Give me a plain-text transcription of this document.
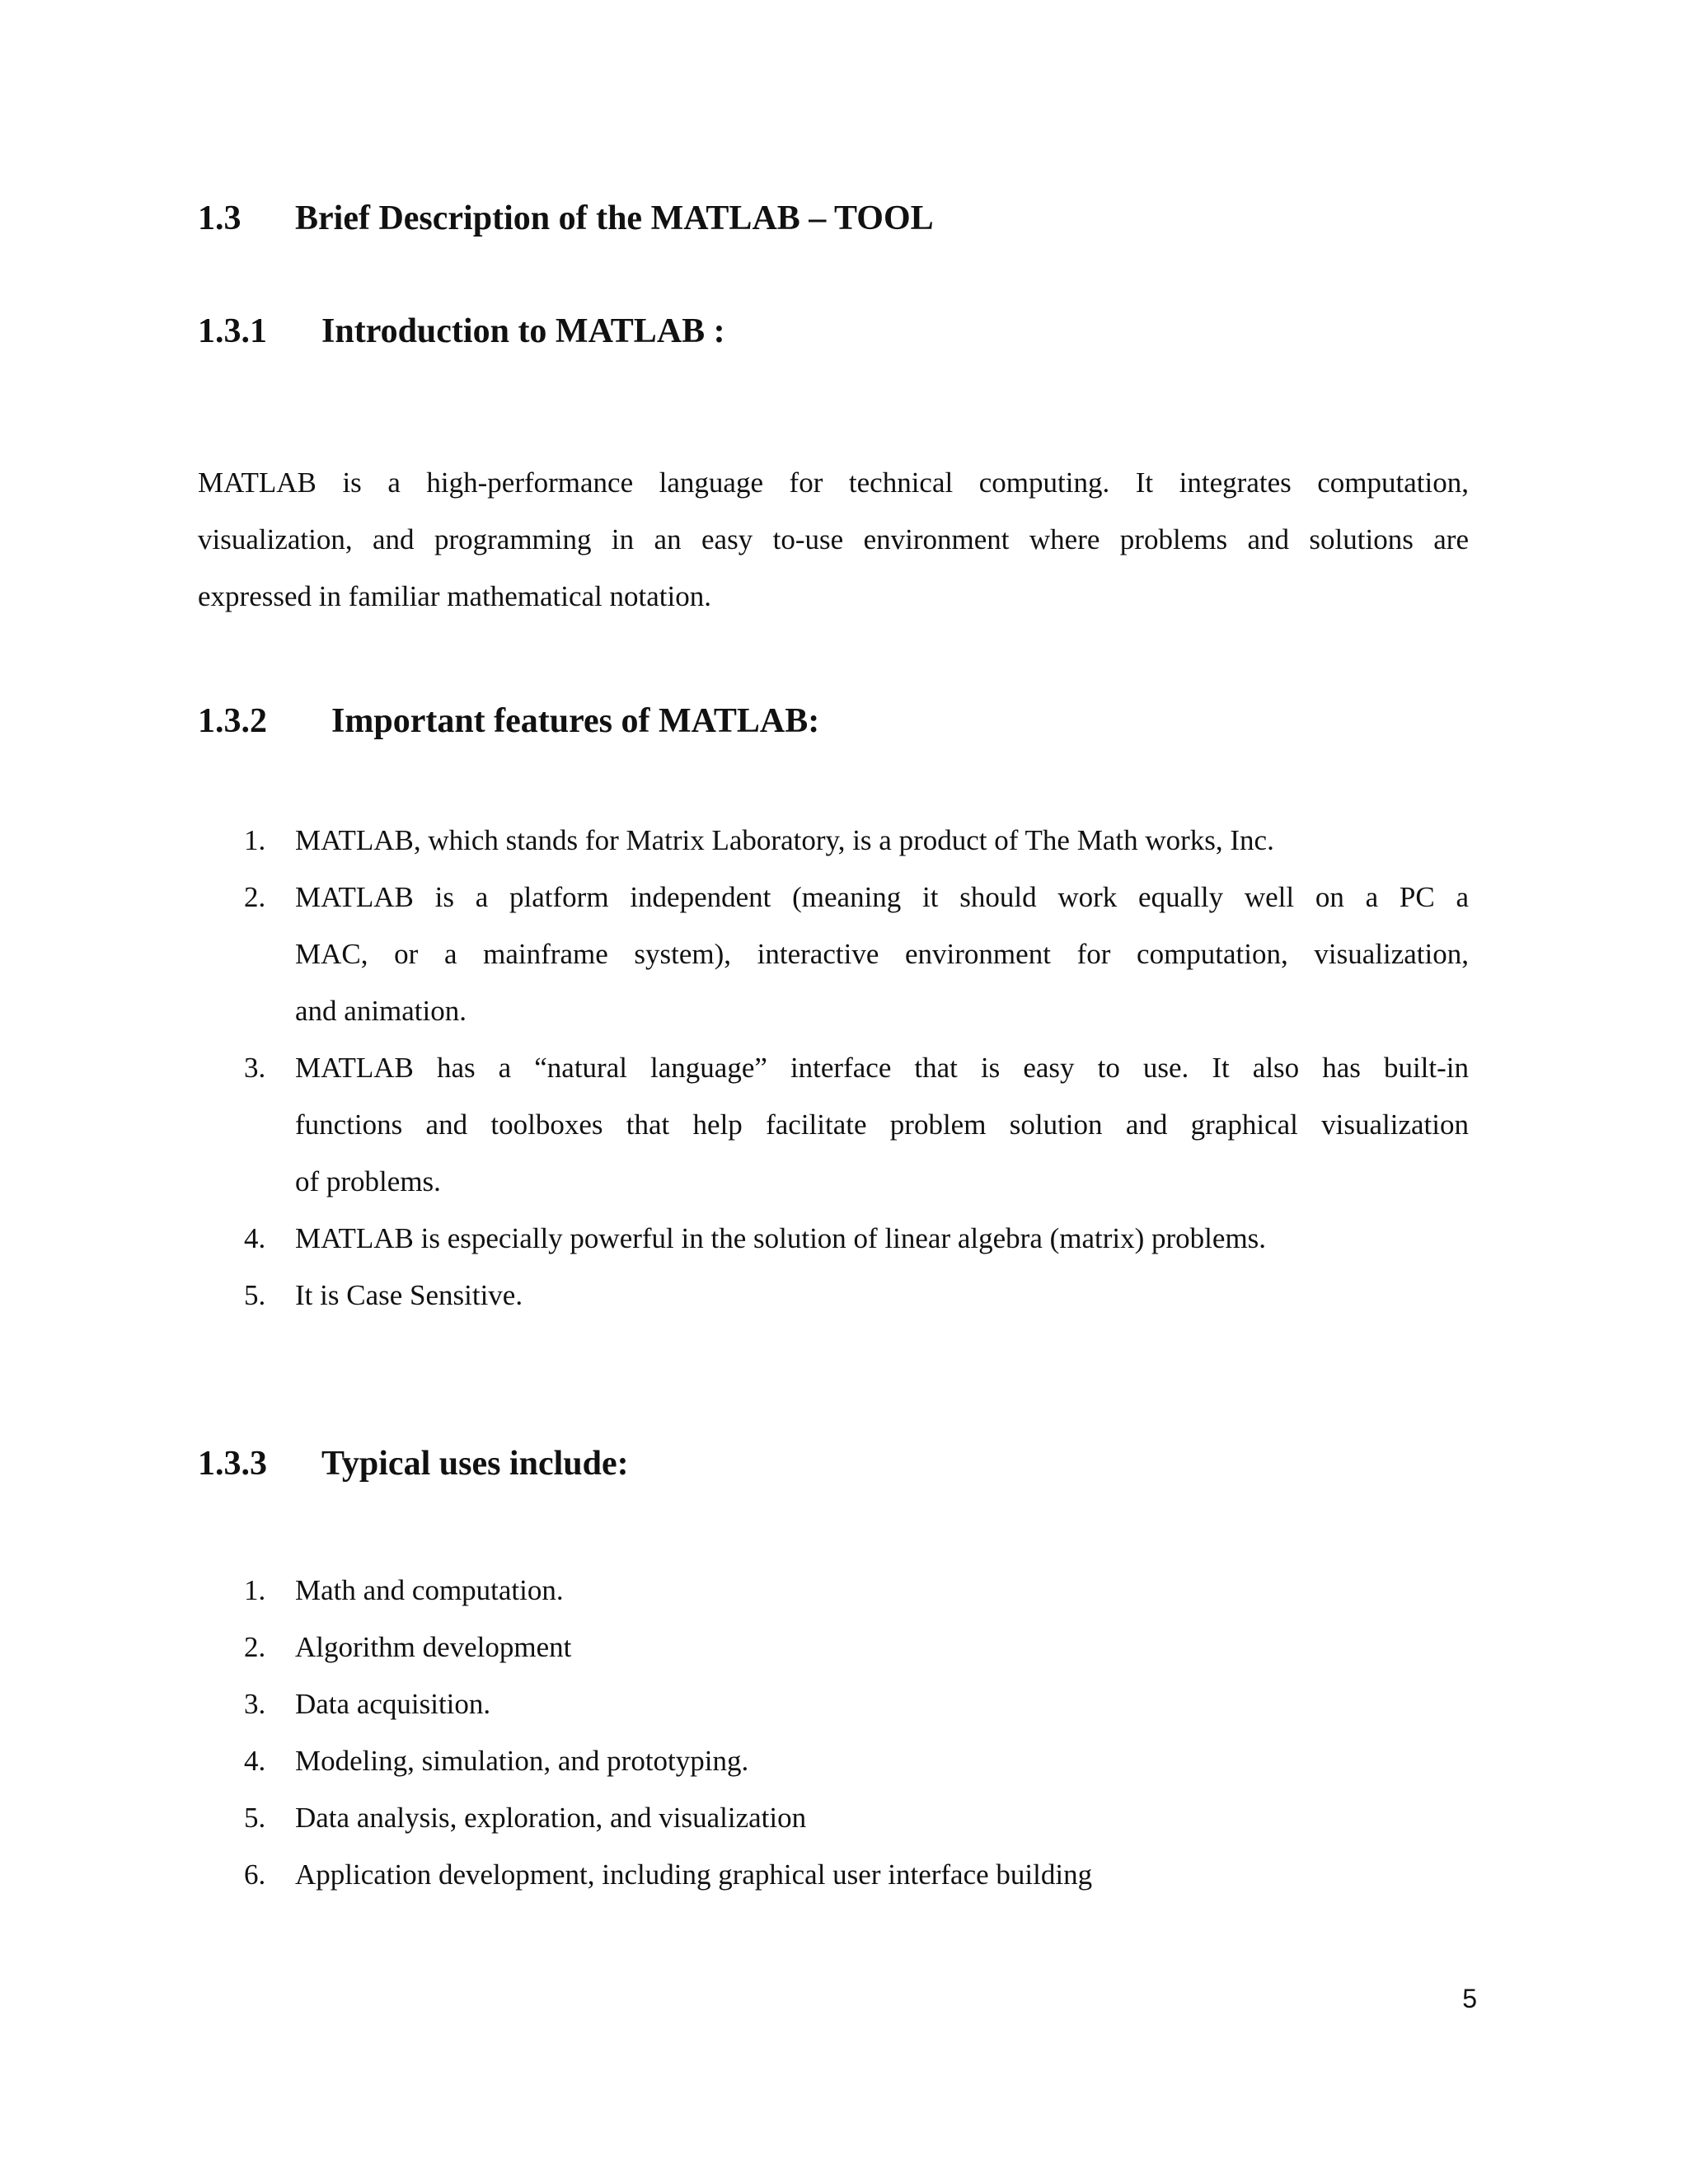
1.3 Brief Description of the MATLAB – TOOL
1.3.1 Introduction to MATLAB :
MATLAB is a high-performance language for technical computing. It integrates computation,
visualization, and programming in an easy to-use environment where problems and solutions are
expressed in familiar mathematical notation.
1.3.2 Important features of MATLAB:
1.	MATLAB, which stands for Matrix Laboratory, is a product of The Math works, Inc.
2.	MATLAB is a platform independent (meaning it should work equally well on a PC a
MAC, or a mainframe system), interactive environment for computation, visualization,
and animation.
3.	MATLAB has a “natural language” interface that is easy to use. It also has built-in
functions and toolboxes that help facilitate problem solution and graphical visualization
of problems.
4.	MATLAB is especially powerful in the solution of linear algebra (matrix) problems.
5.	It is Case Sensitive.
1.3.3 Typical uses include:
1.	Math and computation.
2.	Algorithm development
3.	Data acquisition.
4.	Modeling, simulation, and prototyping.
5.	Data analysis, exploration, and visualization
6.	Application development, including graphical user interface building
5
